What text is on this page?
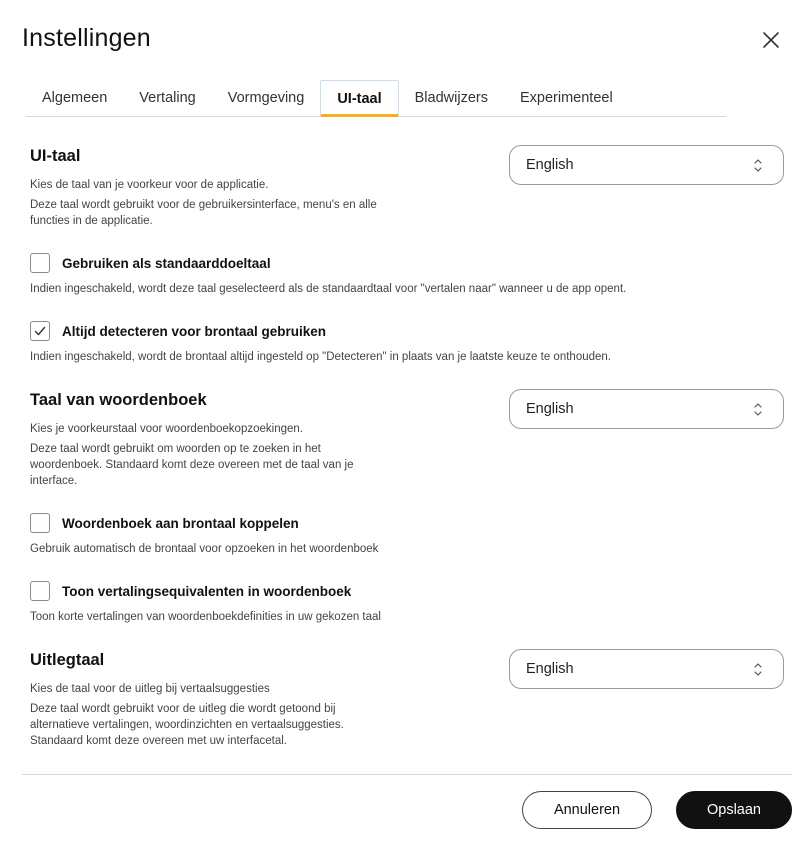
Instellingen
Algemeen	Vertaling	Vormgeving	UI-taal	Bladwijzers	Experimenteel
UI-taal
Kies de taal van je voorkeur voor de applicatie.
Deze taal wordt gebruikt voor de gebruikersinterface, menu's en alle
functies in de applicatie.
English
Gebruiken als standaarddoeltaal
Indien ingeschakeld, wordt deze taal geselecteerd als de standaardtaal voor "vertalen naar" wanneer u de app opent.
Altijd detecteren voor brontaal gebruiken
Indien ingeschakeld, wordt de brontaal altijd ingesteld op "Detecteren" in plaats van je laatste keuze te onthouden.
Taal van woordenboek
Kies je voorkeurstaal voor woordenboekopzoekingen.
Deze taal wordt gebruikt om woorden op te zoeken in het
woordenboek. Standaard komt deze overeen met de taal van je
interface.
English
Woordenboek aan brontaal koppelen
Gebruik automatisch de brontaal voor opzoeken in het woordenboek
Toon vertalingsequivalenten in woordenboek
Toon korte vertalingen van woordenboekdefinities in uw gekozen taal
Uitlegtaal
Kies de taal voor de uitleg bij vertaalsuggesties
Deze taal wordt gebruikt voor de uitleg die wordt getoond bij
alternatieve vertalingen, woordinzichten en vertaalsuggesties.
Standaard komt deze overeen met uw interfacetal.
English
Annuleren	Opslaan
